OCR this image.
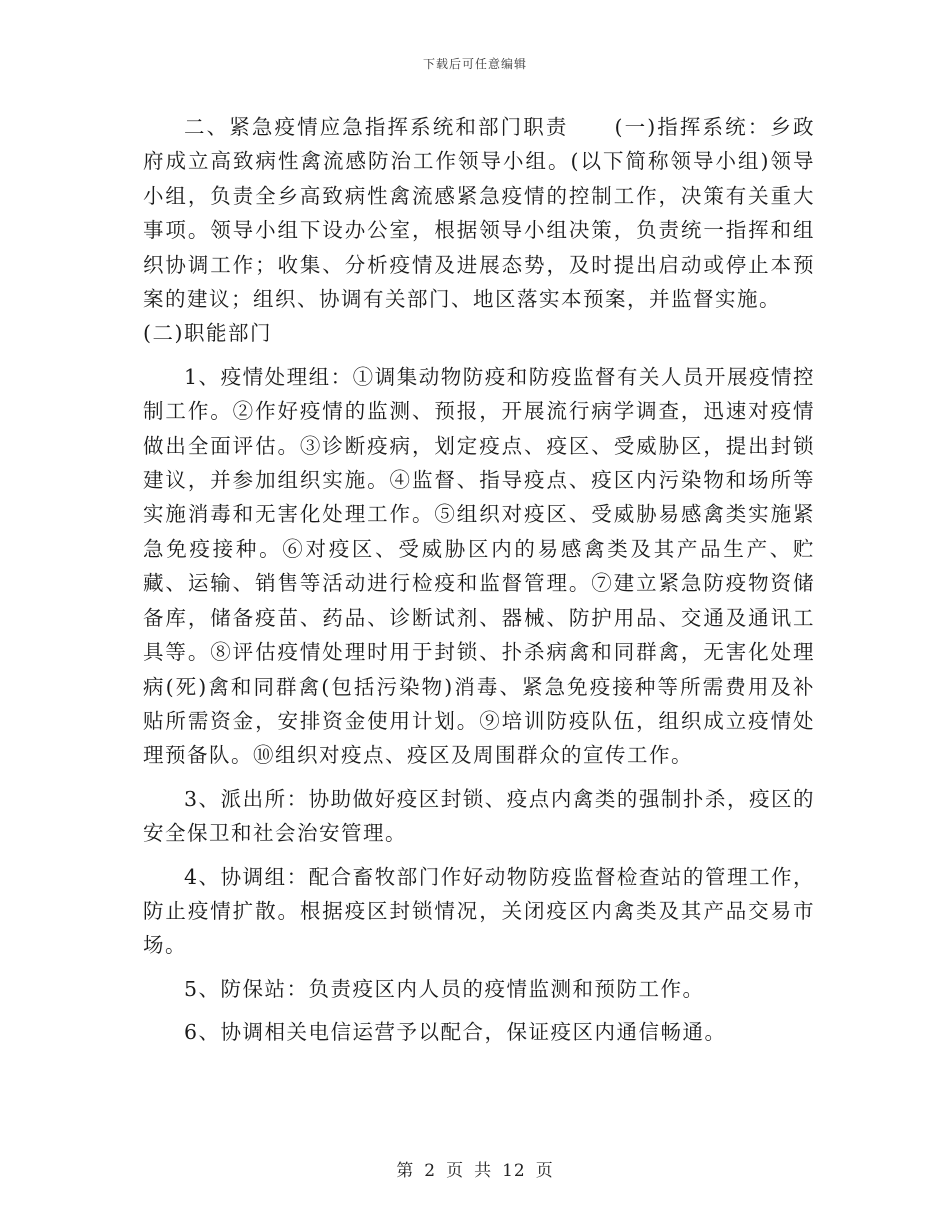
下载后可任意编辑

二、紧急疫情应急指挥系统和部门职责 (一)指挥系统：乡政府成立高致病性禽流感防治工作领导小组。(以下简称领导小组)领导小组，负责全乡高致病性禽流感紧急疫情的控制工作，决策有关重大事项。领导小组下设办公室，根据领导小组决策，负责统一指挥和组织协调工作；收集、分析疫情及进展态势，及时提出启动或停止本预案的建议；组织、协调有关部门、地区落实本预案，并监督实施。

(二)职能部门

1、疫情处理组：①调集动物防疫和防疫监督有关人员开展疫情控制工作。②作好疫情的监测、预报，开展流行病学调查，迅速对疫情做出全面评估。③诊断疫病，划定疫点、疫区、受威胁区，提出封锁建议，并参加组织实施。④监督、指导疫点、疫区内污染物和场所等实施消毒和无害化处理工作。⑤组织对疫区、受威胁易感禽类实施紧急免疫接种。⑥对疫区、受威胁区内的易感禽类及其产品生产、贮藏、运输、销售等活动进行检疫和监督管理。⑦建立紧急防疫物资储备库，储备疫苗、药品、诊断试剂、器械、防护用品、交通及通讯工具等。⑧评估疫情处理时用于封锁、扑杀病禽和同群禽，无害化处理病(死)禽和同群禽(包括污染物)消毒、紧急免疫接种等所需费用及补贴所需资金，安排资金使用计划。⑨培训防疫队伍，组织成立疫情处理预备队。⑩组织对疫点、疫区及周围群众的宣传工作。

3、派出所：协助做好疫区封锁、疫点内禽类的强制扑杀，疫区的安全保卫和社会治安管理。

4、协调组：配合畜牧部门作好动物防疫监督检查站的管理工作，防止疫情扩散。根据疫区封锁情况，关闭疫区内禽类及其产品交易市场。

5、防保站：负责疫区内人员的疫情监测和预防工作。

6、协调相关电信运营予以配合，保证疫区内通信畅通。

第 2 页 共 12 页
